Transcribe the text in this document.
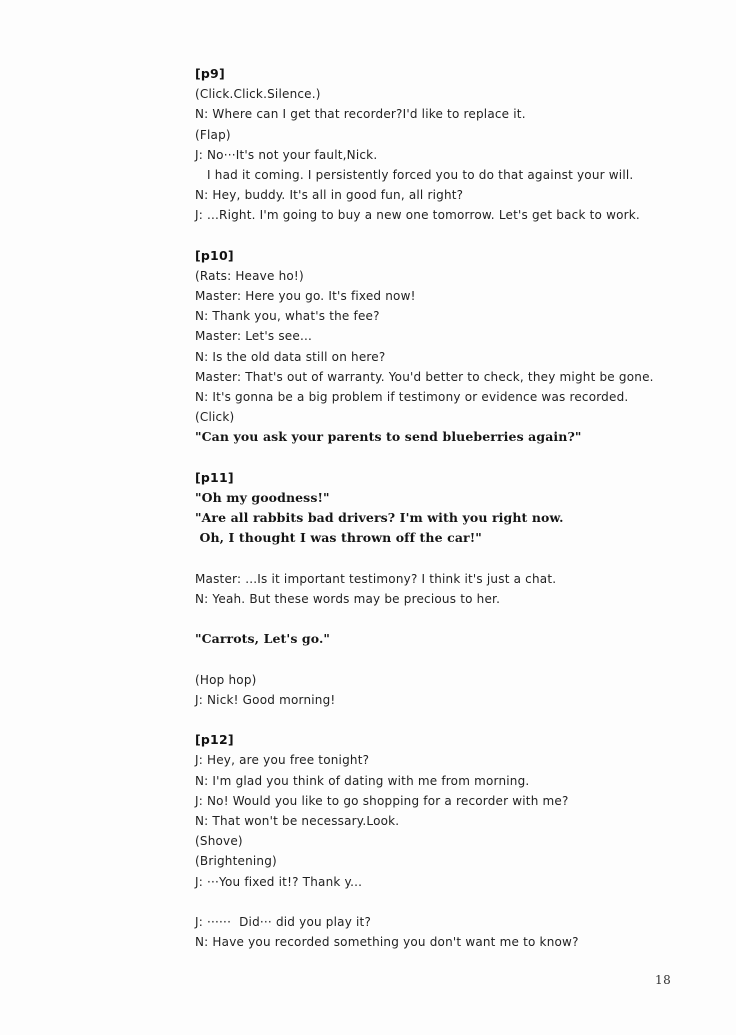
[p9]
(Click.Click.Silence.)
N: Where can I get that recorder?I'd like to replace it.
(Flap)
J: No···It's not your fault,Nick.
I had it coming. I persistently forced you to do that against your will.
N: Hey, buddy. It's all in good fun, all right?
J: ...Right. I'm going to buy a new one tomorrow. Let's get back to work.

[p10]
(Rats: Heave ho!)
Master: Here you go. It's fixed now!
N: Thank you, what's the fee?
Master: Let's see...
N: Is the old data still on here?
Master: That's out of warranty. You'd better to check, they might be gone.
N: It's gonna be a big problem if testimony or evidence was recorded.
(Click)
"Can you ask your parents to send blueberries again?"

[p11]
"Oh my goodness!"
"Are all rabbits bad drivers? I'm with you right now.
Oh, I thought I was thrown off the car!"

Master: ...Is it important testimony? I think it's just a chat.
N: Yeah. But these words may be precious to her.

"Carrots, Let's go."

(Hop hop)
J: Nick! Good morning!

[p12]
J: Hey, are you free tonight?
N: I'm glad you think of dating with me from morning.
J: No! Would you like to go shopping for a recorder with me?
N: That won't be necessary.Look.
(Shove)
(Brightening)
J: ···You fixed it!? Thank y...

J: ······  Did··· did you play it?
N: Have you recorded something you don't want me to know?
18
